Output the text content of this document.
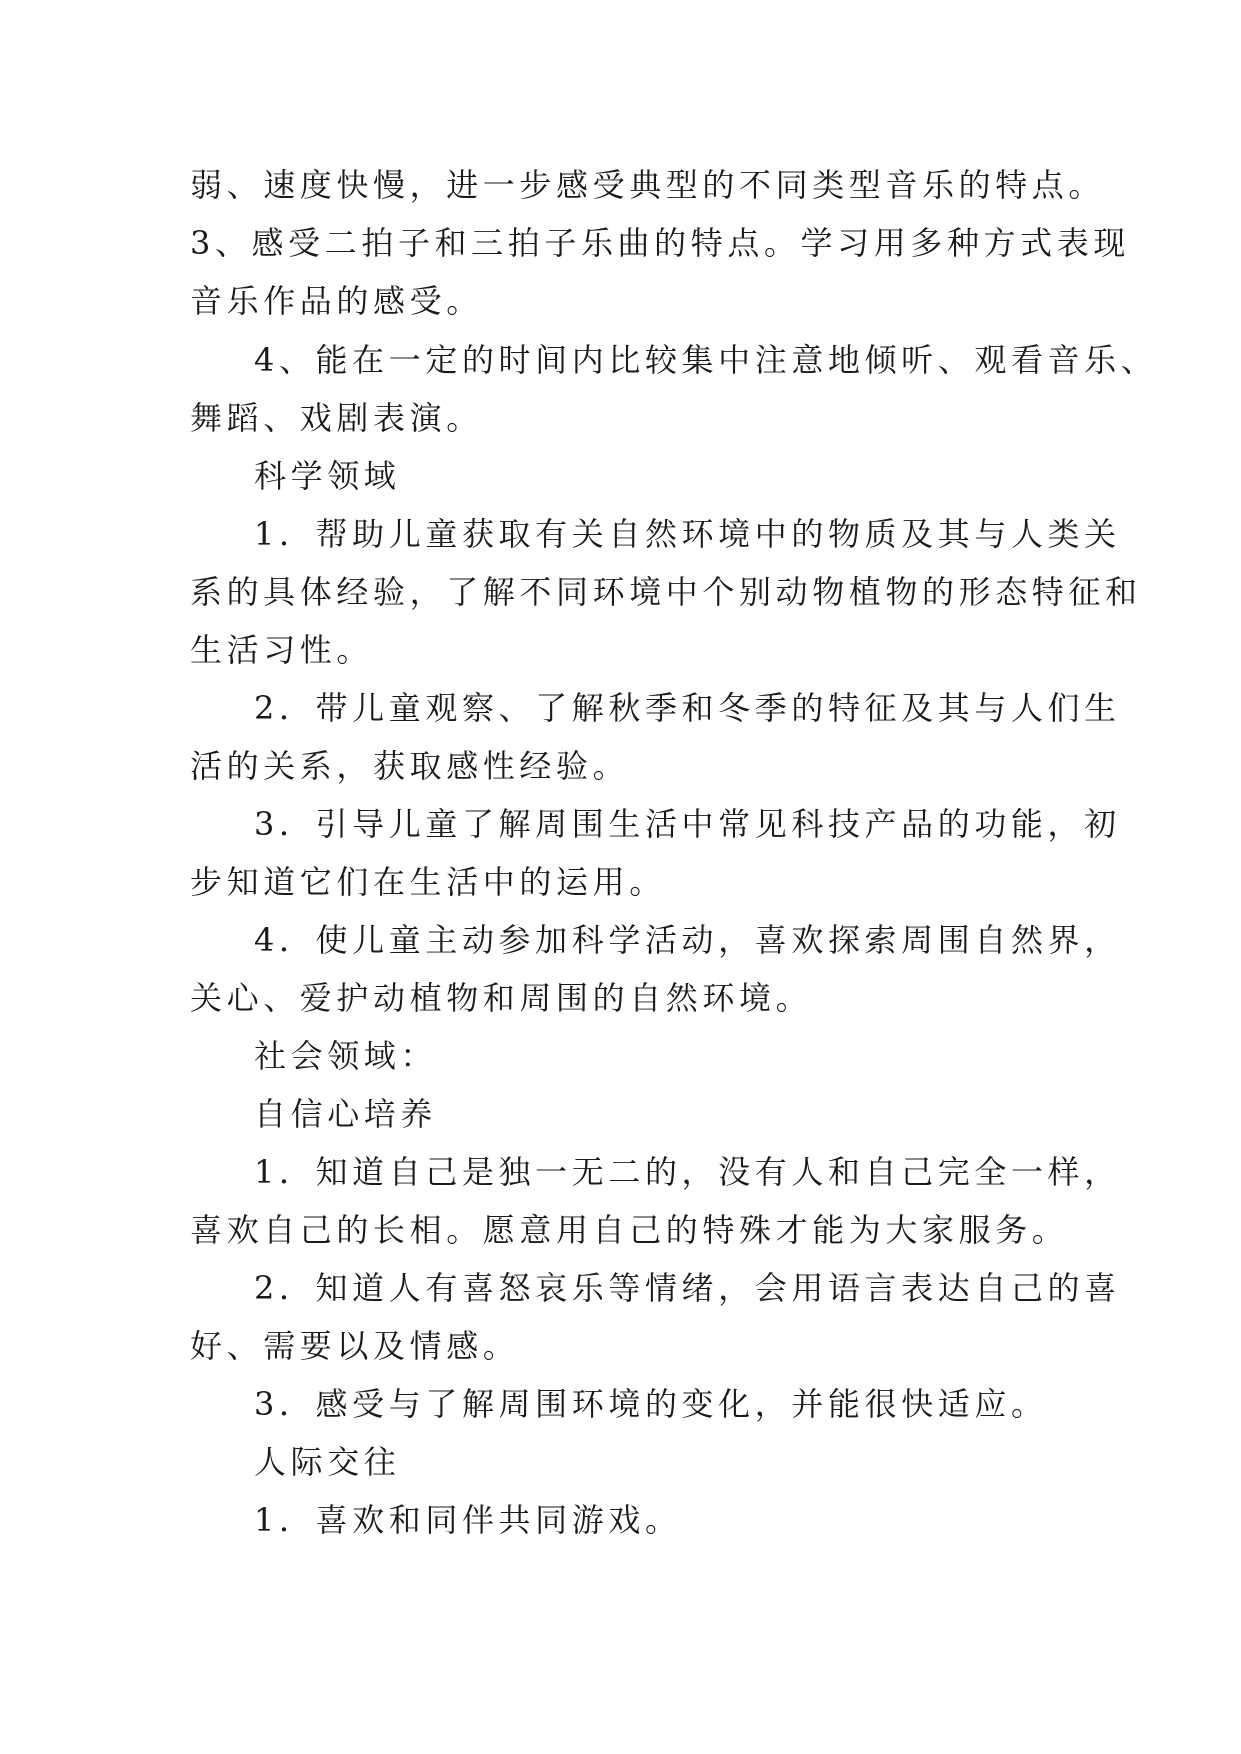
弱、速度快慢，进一步感受典型的不同类型音乐的特点。
3、感受二拍子和三拍子乐曲的特点。学习用多种方式表现
音乐作品的感受。
4、能在一定的时间内比较集中注意地倾听、观看音乐、
舞蹈、戏剧表演。
科学领域
1．帮助儿童获取有关自然环境中的物质及其与人类关
系的具体经验，了解不同环境中个别动物植物的形态特征和
生活习性。
2．带儿童观察、了解秋季和冬季的特征及其与人们生
活的关系，获取感性经验。
3．引导儿童了解周围生活中常见科技产品的功能，初
步知道它们在生活中的运用。
4．使儿童主动参加科学活动，喜欢探索周围自然界，
关心、爱护动植物和周围的自然环境。
社会领域：
自信心培养
1．知道自己是独一无二的，没有人和自己完全一样，
喜欢自己的长相。愿意用自己的特殊才能为大家服务。
2．知道人有喜怒哀乐等情绪，会用语言表达自己的喜
好、需要以及情感。
3．感受与了解周围环境的变化，并能很快适应。
人际交往
1．喜欢和同伴共同游戏。
